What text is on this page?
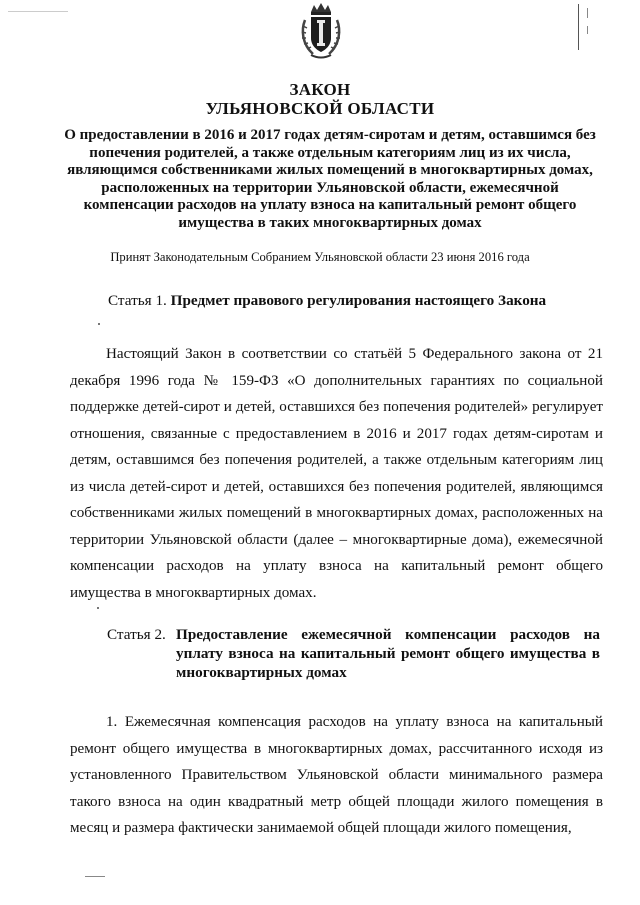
ЗАКОН
УЛЬЯНОВСКОЙ ОБЛАСТИ
О предоставлении в 2016 и 2017 годах детям-сиротам и детям, оставшимся без попечения родителей, а также отдельным категориям лиц из их числа, являющимся собственниками жилых помещений в многоквартирных домах, расположенных на территории Ульяновской области, ежемесячной компенсации расходов на уплату взноса на капитальный ремонт общего имущества в таких многоквартирных домах
Принят Законодательным Собранием Ульяновской области 23 июня 2016 года
Статья 1. Предмет правового регулирования настоящего Закона
Настоящий Закон в соответствии со статьёй 5 Федерального закона от 21 декабря 1996 года № 159-ФЗ «О дополнительных гарантиях по социальной поддержке детей-сирот и детей, оставшихся без попечения родителей» регулирует отношения, связанные с предоставлением в 2016 и 2017 годах детям-сиротам и детям, оставшимся без попечения родителей, а также отдельным категориям лиц из числа детей-сирот и детей, оставшихся без попечения родителей, являющимся собственниками жилых помещений в многоквартирных домах, расположенных на территории Ульяновской области (далее – многоквартирные дома), ежемесячной компенсации расходов на уплату взноса на капитальный ремонт общего имущества в многоквартирных домах.
Статья 2. Предоставление ежемесячной компенсации расходов на уплату взноса на капитальный ремонт общего имущества в многоквартирных домах
1. Ежемесячная компенсация расходов на уплату взноса на капитальный ремонт общего имущества в многоквартирных домах, рассчитанного исходя из установленного Правительством Ульяновской области минимального размера такого взноса на один квадратный метр общей площади жилого помещения в месяц и размера фактически занимаемой общей площади жилого помещения,
